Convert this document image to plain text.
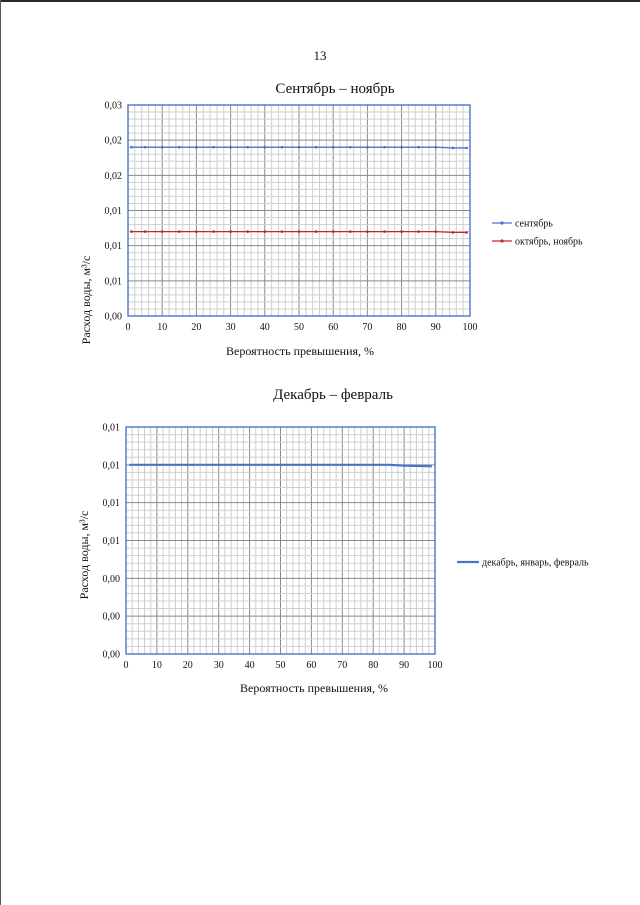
13
Сентябрь – ноябрь
Расход воды, м³/с
Вероятность превышения, %
0,00
0,01
0,01
0,01
0,02
0,02
0,03
0	10 20 30 40 50 60 70 80 90 100
сентябрь
октябрь, ноябрь
Декабрь – февраль
Расход воды, м³/с
Вероятность превышения, %
0,00
0,00
0,00
0,01
0,01
0,01
0,01
0 10 20 30 40 50 60 70 80 90 100
декабрь, январь, февраль
